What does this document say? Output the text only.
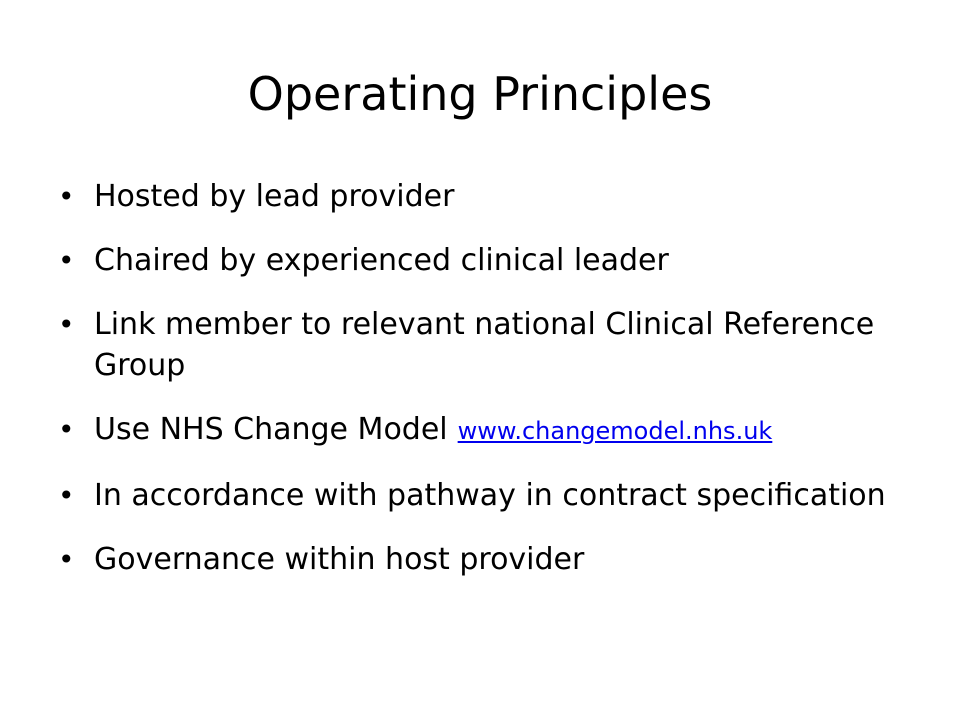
Operating Principles
• Hosted by lead provider
• Chaired by experienced clinical leader
• Link member to relevant national Clinical Reference Group
• Use NHS Change Model www.changemodel.nhs.uk
• In accordance with pathway in contract specification
• Governance within host provider
